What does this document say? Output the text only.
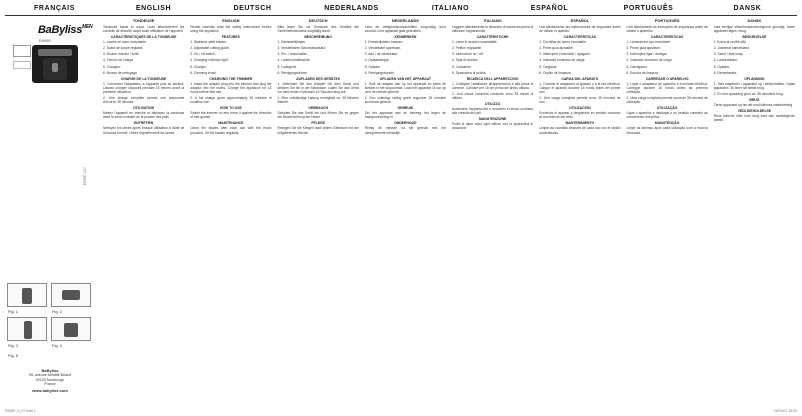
FRANÇAIS	ENGLISH	DEUTSCH	NEDERLANDS	ITALIANO	ESPAÑOL	PORTUGUÊS	DANSK
BaByliss$^{MEN}$
E695E
E695E 1/07
Fig. 1	Fig. 2
Fig. 3	Fig. 4
Fig. 5
BaByliss
99, avenue Aristide Briand
92120 Montrouge
France
www.babyliss.com
TONDEUSE
Tondeuse barbe et corps. Lisez attentivement les conseils de sécurité avant toute utilisation de l'appareil.
CARACTÉRISTIQUES DE LA TONDEUSE
1. Lames en acier inoxydable.
2. Sabot de coupe réglable.
3. Bouton marche / arrêt.
4. Témoin de charge.
5. Chargeur.
6. Brosse de nettoyage.
CHARGE DE LA TONDEUSE
1. Connectez l'adaptateur à l'appareil puis au secteur. Laissez charger l'appareil pendant 16 heures avant la première utilisation.
2. Une charge complète permet une autonomie d'environ 35 minutes.
UTILISATION
Mettez l'appareil en marche et déplacez la tondeuse dans le sens contraire de la pousse des poils.
ENTRETIEN
Nettoyez les lames après chaque utilisation à l'aide de la brosse fournie. Huilez régulièrement les lames.
ENGLISH
Please carefully read the safety instructions before using the appliance.
FEATURES
1. Stainless steel blades.
2. Adjustable cutting guide.
3. On / off switch.
4. Charging indicator light.
5. Charger.
6. Cleaning brush.
CHARGING THE TRIMMER
1. Insert the adaptor plug into the trimmer and plug the adaptor into the mains. Charge the appliance for 16 hours before first use.
2. A full charge gives approximately 35 minutes of cordless use.
HOW TO USE
Switch the trimmer on and move it against the direction of hair growth.
MAINTENANCE
Clean the blades after each use with the brush provided. Oil the blades regularly.
DEUTSCH
Bitte lesen Sie vor Gebrauch des Gerätes die Sicherheitshinweise sorgfältig durch.
BESCHREIBUNG
1. Edelstahlklingen.
2. Verstellbarer Schneideaufsatz.
3. Ein- / Ausschalter.
4. Ladekontrollleuchte.
5. Ladegerät.
6. Reinigungsbürste.
AUFLADEN DES GERÄTES
1. Verbinden Sie den Adapter mit dem Gerät und stecken Sie ihn in die Steckdose. Laden Sie das Gerät vor dem ersten Gebrauch 16 Stunden lang auf.
2. Eine vollständige Ladung ermöglicht ca. 35 Minuten Betrieb.
GEBRAUCH
Schalten Sie das Gerät ein und führen Sie es gegen die Wuchsrichtung der Haare.
PFLEGE
Reinigen Sie die Klingen nach jedem Gebrauch mit der mitgelieferten Bürste.
NEDERLANDS
Lees de veiligheidsvoorschriften zorgvuldig door voordat u het apparaat gaat gebruiken.
KENMERKEN
1. Roestvrijstalen messen.
2. Verstelbare opzetkam.
3. Aan / uit schakelaar.
4. Oplaadlampje.
5. Oplader.
6. Reinigingsborstel.
OPLADEN VAN HET APPARAAT
1. Sluit de adapter aan op het apparaat en steek de stekker in het stopcontact. Laad het apparaat 16 uur op vóór het eerste gebruik.
2. Een volledige lading geeft ongeveer 35 minuten snoerloos gebruik.
GEBRUIK
Zet het apparaat aan en beweeg het tegen de haargroeirichting in.
ONDERHOUD
Reinig de messen na elk gebruik met het meegeleverde borsteltje.
ITALIANO
Leggere attentamente le istruzioni di sicurezza prima di utilizzare l'apparecchio.
CARATTERISTICHE
1. Lame in acciaio inossidabile.
2. Pettine regolabile.
3. Interruttore on / off.
4. Spia di ricarica.
5. Caricatore.
6. Spazzolina di pulizia.
RICARICA DELL'APPARECCHIO
1. Collegare l'adattatore all'apparecchio e alla presa di corrente. Caricare per 16 ore prima del primo utilizzo.
2. Una carica completa consente circa 35 minuti di utilizzo.
UTILIZZO
Accendere l'apparecchio e muoverlo in senso contrario alla crescita dei peli.
MANUTENZIONE
Pulire le lame dopo ogni utilizzo con la spazzolina in dotazione.
ESPAÑOL
Lea atentamente las instrucciones de seguridad antes de utilizar el aparato.
CARACTERÍSTICAS
1. Cuchillas de acero inoxidable.
2. Peine guía ajustable.
3. Interruptor encendido / apagado.
4. Indicador luminoso de carga.
5. Cargador.
6. Cepillo de limpieza.
CARGA DEL APARATO
1. Conecte el adaptador al aparato y a la red eléctrica. Cargue el aparato durante 16 horas antes del primer uso.
2. Una carga completa permite unos 35 minutos de uso.
UTILIZACIÓN
Encienda el aparato y desplácelo en sentido contrario al crecimiento del vello.
MANTENIMIENTO
Limpie las cuchillas después de cada uso con el cepillo suministrado.
PORTUGUÊS
Leia atentamente as instruções de segurança antes de utilizar o aparelho.
CARACTERÍSTICAS
1. Lâminas em aço inoxidável.
2. Pente guia ajustável.
3. Interruptor ligar / desligar.
4. Indicador luminoso de carga.
5. Carregador.
6. Escova de limpeza.
CARREGAR O APARELHO
1. Ligue o adaptador ao aparelho e à tomada eléctrica. Carregue durante 16 horas antes da primeira utilização.
2. Uma carga completa permite cerca de 35 minutos de utilização.
UTILIZAÇÃO
Ligue o aparelho e desloque-o no sentido contrário ao crescimento dos pêlos.
MANUTENÇÃO
Limpe as lâminas após cada utilização com a escova fornecida.
DANSK
Læs venligst sikkerhedsanvisningerne grundigt, inden apparatet tages i brug.
BESKRIVELSE
1. Knive af rustfrit stål.
2. Justerbar kamafstand.
3. Tænd / sluk knap.
4. Ladeindikator.
5. Oplader.
6. Rensebørste.
OPLADNING
1. Sæt adapteren i apparatet og i stikkontakten. Oplad apparatet i 16 timer før første brug.
2. En fuld opladning giver ca. 35 minutters brug.
BRUG
Tænd apparatet og før det mod hårenes vækstretning.
VEDLIGEHOLDELSE
Rens knivene efter hver brug med den medfølgende børste.
E695E_1_07.indd 1	24/01/07 15:53
